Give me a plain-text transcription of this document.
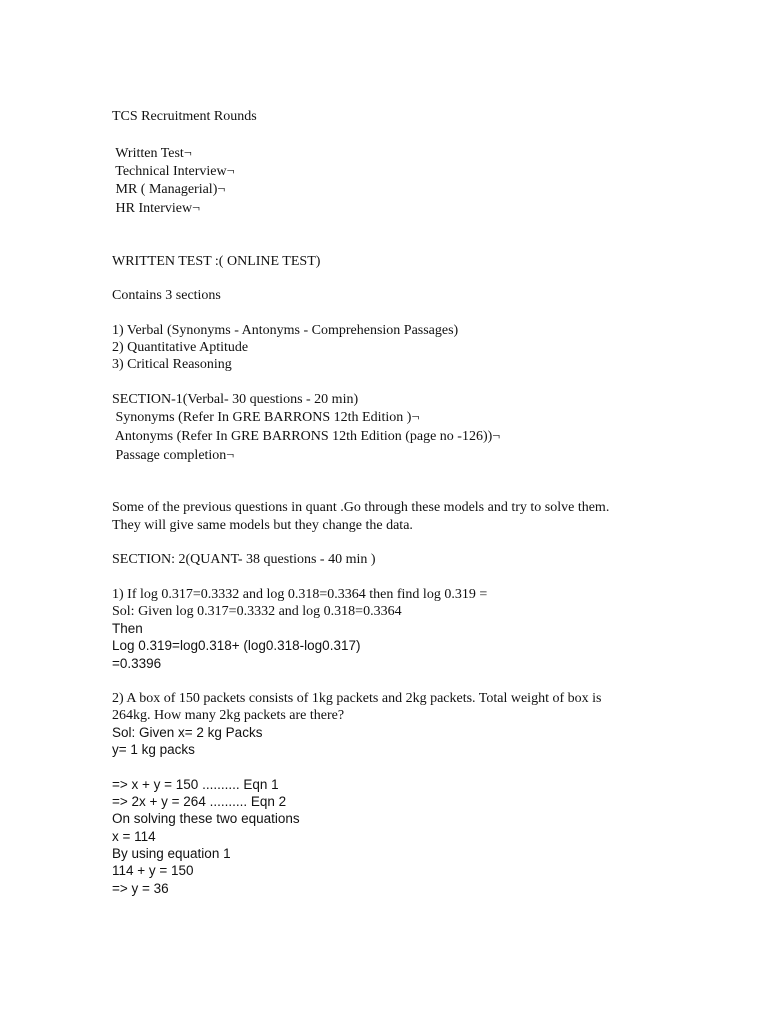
TCS Recruitment Rounds
Written Test¬
Technical Interview¬
MR ( Managerial)¬
HR Interview¬
WRITTEN TEST :( ONLINE TEST)
Contains 3 sections
1) Verbal (Synonyms - Antonyms - Comprehension Passages)
2) Quantitative Aptitude
3) Critical Reasoning
SECTION-1(Verbal- 30 questions - 20 min)
Synonyms (Refer In GRE BARRONS 12th Edition )¬
Antonyms (Refer In GRE BARRONS 12th Edition (page no -126))¬
Passage completion¬
Some of the previous questions in quant .Go through these models and try to solve them.
They will give same models but they change the data.
SECTION: 2(QUANT- 38 questions - 40 min )
1) If log 0.317=0.3332 and log 0.318=0.3364 then find log 0.319 =
Sol: Given log 0.317=0.3332 and log 0.318=0.3364
Then
Log 0.319=log0.318+ (log0.318-log0.317)
=0.3396
2) A box of 150 packets consists of 1kg packets and 2kg packets. Total weight of box is
264kg. How many 2kg packets are there?
Sol: Given x= 2 kg Packs
y= 1 kg packs
=> x + y = 150 .......... Eqn 1
=> 2x + y = 264 .......... Eqn 2
On solving these two equations
x = 114
By using equation 1
114 + y = 150
=> y = 36
